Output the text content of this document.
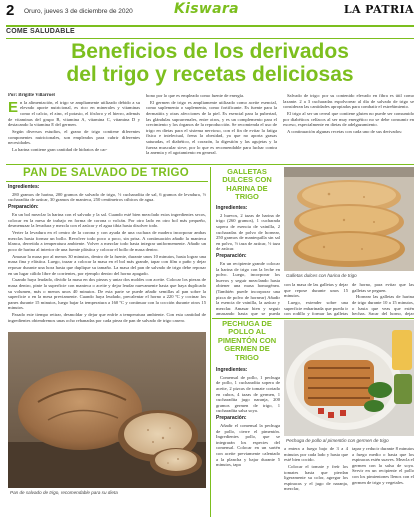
2 Oruro, jueves 3 de diciembre de 2020	Kiswara	LA PATRIA
COME SALUDABLE
Beneficios de los derivados
del trigo y recetas deliciosas

Por: Brigitte Villarroel

En la alimentación, el trigo se ampliamente utilizado debido a su elevado aporte nutricional, es rico en minerales y vitaminas como el calcio, el zinc, el potasio, el fósforo y el hierro, además de vitaminas del grupo B, vitamina A, vitamina C, vitamina D y destacando la vitamina E del germen.

Según diversos estudios, el grano de trigo contiene diferentes componentes nutricionales, son empleados para cubrir diferentes necesidades.

La harina contiene gran cantidad de hidratos de car-

bono por lo que es empleado como fuente de energía.

El germen de trigo es ampliamente utilizado como aceite esencial, como suplemento o suplemento, como fortificante. Es fuente para la dermatitis y otras afecciones de la piel. Es esencial para la pubertad, las glándulas suprarrenales, entre otros, y es un complemento para el crecimiento y los órganos de la reproducción. Se recomienda el uso de trigo en dietas para el sistema nervioso, con el fin de evitar la fatiga física e intelectual, frena la obesidad, ya que no aporta grasas saturadas, el diabético, el corazón, la digestión y las agujetas y la fuerza muscular sirve, por lo que es recomendable para luchar contra la anemia y el agotamiento en general.

Salvado de trigo: por su contenido elevado en fibra es útil como laxante. 2 a 3 cucharadas espolvorear al día de salvado de trigo se consideran las cantidades apropiadas para combatir el estreñimiento.

El trigo al ser un cereal que contiene gluten no puede ser consumido por diabéticos celíacos al ser muy energético no se debe consumir en exceso, especialmente en dietas de adelgazamiento.

A continuación algunas recetas con cada uno de sus derivados:

PAN DE SALVADO DE TRIGO

Ingredientes:

280 gramos de harina, 200 gramos de salvado de trigo, ½ cucharadita de sal, 6 gramos de levadura, ½ cucharadita de azúcar, 30 gramos de manteca, 250 centímetros cúbicos de agua.

Preparación:

En un bol mezclar la harina con el salvado y la sal. Cuando esté bien mezclado estos ingredientes secos, colocar en la mesa de trabajo en forma de corona o volcán. Por otro lado en otro bol más pequeño, desmenuzar la levadura y mezcla con el azúcar y el agua tibia hasta disolver todo.

Verter la levadura en el centro de la corona y con ayuda de una cuchara de madera incorporar ambas mezclas hasta formar un bollo. Revolver todo poco a poco, sin prisa. A continuación añadir la manteca blanca, derretida a temperatura ambiente. Volver a mezclar todo hasta integrar uniformemente. Añadir un poco de harina al interior de una fuente plástica y colocar el bollo de masa dentro.

Amasar la masa por al menos 30 minutos, dentro de la fuente, durante unos 10 minutos, hasta lograr una masa fina y elástica. Luego, trazar a colocar la masa en el bol más grande, tapar con film o paño y dejar reposar durante una hora hasta que duplique su tamaño. La masa del pan de salvado de trigo debe reposar en un lugar cálido libre de corrientes, por ejemplo dentro del horno apagado.

Cuando haya leudado, dividir la masa en dos piezas y untar dos moldes con aceite. Colocar los piezas de masa dentro, pinte la superficie con manteca o aceite y dejar leudar nuevamente hasta que haya duplicado su volumen, más o menos unos 40 minutos. De esta parte se puede añadir semillas al pan sobre la superficie o en la mesa previamente. Cuando haya leudado, precalentar el horno a 220 ºC y cocinar los panes durante 15 minutos, luego bajar la temperatura a 160 ºC y continuar con la cocción durante otros 15 minutos.

Pasado este tiempo retirar, desmoldar y dejar que enfríe a temperatura ambiente. Con esta cantidad de ingredientes obtendremos unas ocho rebanadas por cada pieza de pan de salvado de trigo casero.

Pan de salvado de trigo, recomendable para su dieta
GALLETAS DULCES CON HARINA DE TRIGO

Ingredientes:

2 huevos, 2 tazas de harina de trigo (260 gramos), 1 cucharada sopera de esencia de vainilla, 2 cucharadas de polvo de hornear, 250 gramos de mantequilla sin sal en polvo, ½ taza de azúcar, ½ taza de azúcar.

Preparación:

En un recipiente grande colocar la harina de trigo con la leche en polvo. Luego, incorporar los huevos y seguir mezclando hasta obtener una masa homogénea. (También puede incorporar una pizca de polvo de hornear) Añadir la esencia de vainilla, la azúcar y mezclar. Amasar bien y seguir amasando hasta que se pueda

Galletas dulces con harina de trigo

con la masa de las galletas y dejar que repose durante unos 15 minutos.

Luego, extender sobre una superficie enharinada que pueda ir con rodillo y formar las galletas

de horno, para evitar que las galletas se peguen.

Hornear las galletas de harina de trigo durante 10 a 15 minutos, o hasta que veas que estén hechas. Sacar del horno, dejar

PECHUGA DE POLLO AL PIMENTÓN CON GERMEN DE TRIGO

Ingredientes:

Comensal de pollo, 1 pechuga de pollo, 1 cucharadita sopera de aceite, 2 pizcas de tomate cortado en cubos, 4 tazas de germen, 1 cucharadita jugo naranja, 200 gramos germen de trigo, 1 cucharadita salsa soya.

Preparación:

Añadir el comensal la pechuga de pollo, cierre el pimentón. Ingredientes pollo, que se integrarán los especies del comensal. Colocar en un sartén con aceite previamente calentado a la plancha y bajar durante 5 minutos, tapa

Pechuga de pollo al pimentón con germen de trigo

a entera a fuego bajo de 3 a 4 minutos por cada lado y hasta que esté bien cocido.

Colocar el tomate y freír los tomates hasta que pierdan ligeramente su color, agregar los espinacas y el jugo de naranja, mezclar,

tapar y reducir durante 8 minutos a fuego medio o hasta que los espinacas estén suaves. Mezcla el germen con la salsa de soya. Servir en un recipiente el pollo con los pimientones llenos con el germen de trigo y vegetales.
